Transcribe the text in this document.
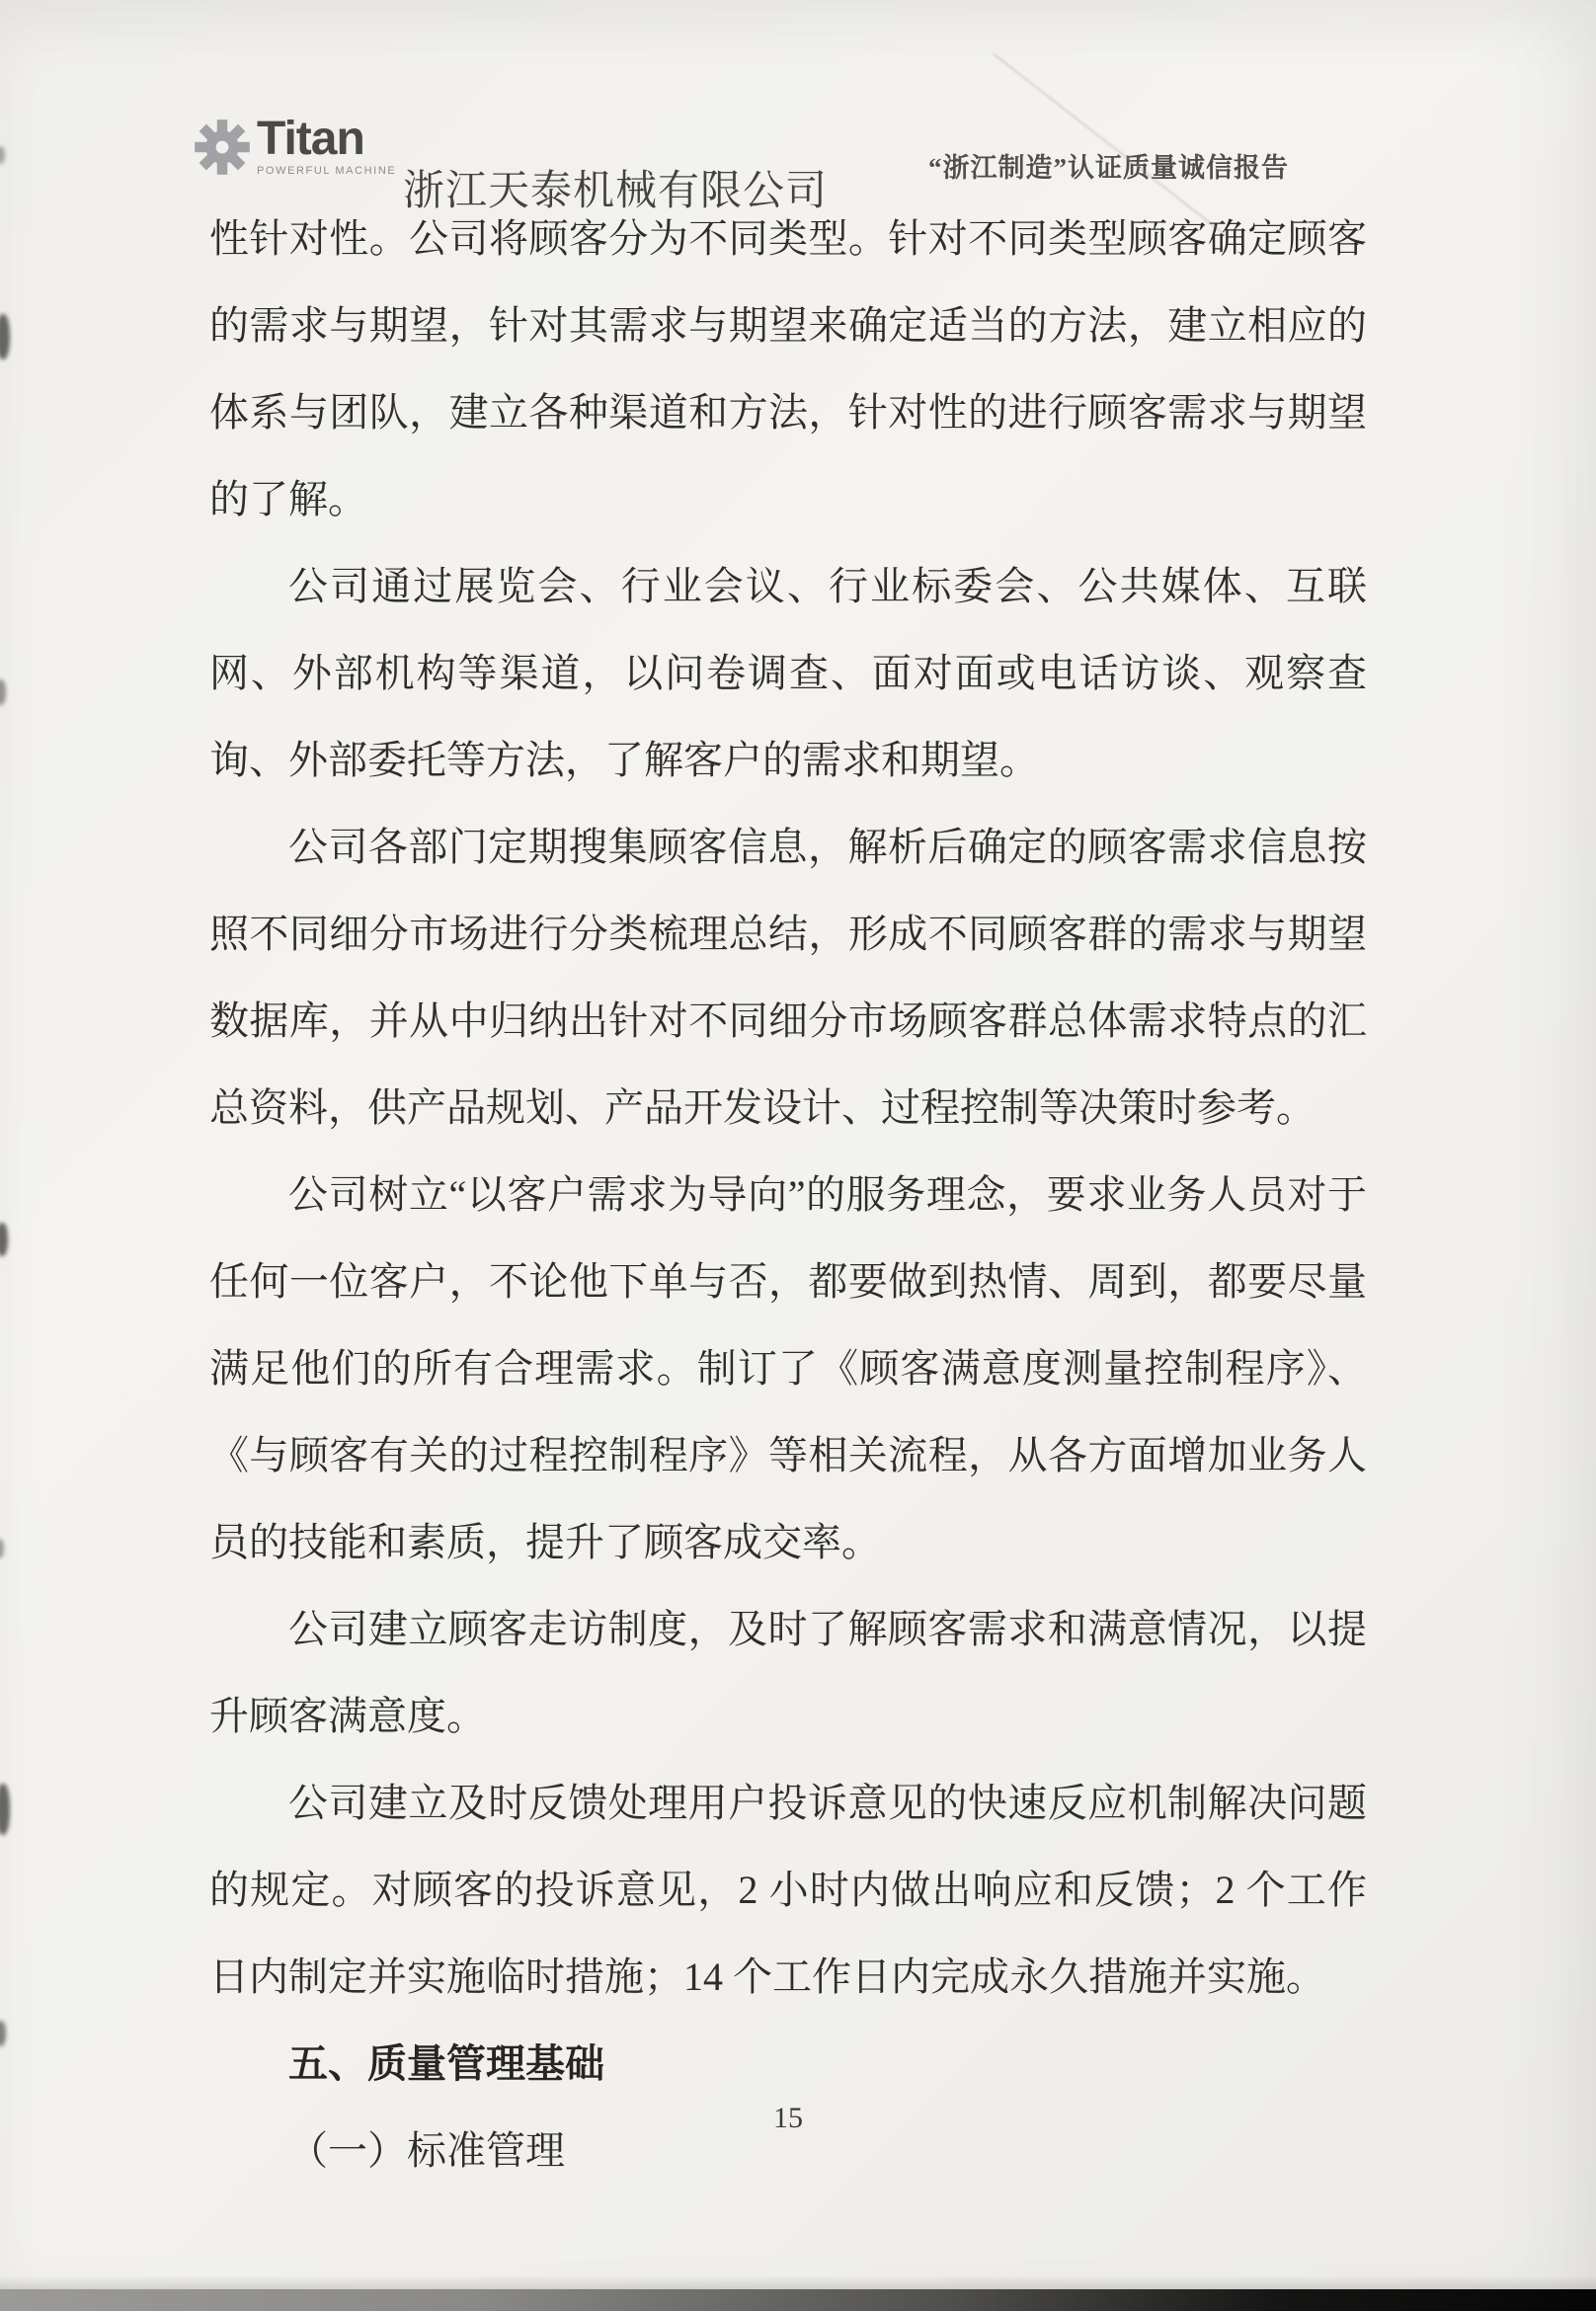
Titan
POWERFUL MACHINE 浙江天泰机械有限公司
“浙江制造”认证质量诚信报告

性针对性。公司将顾客分为不同类型。针对不同类型顾客确定顾客的需求与期望，针对其需求与期望来确定适当的方法，建立相应的体系与团队，建立各种渠道和方法，针对性的进行顾客需求与期望的了解。

公司通过展览会、行业会议、行业标委会、公共媒体、互联网、外部机构等渠道，以问卷调查、面对面或电话访谈、观察查询、外部委托等方法，了解客户的需求和期望。

公司各部门定期搜集顾客信息，解析后确定的顾客需求信息按照不同细分市场进行分类梳理总结，形成不同顾客群的需求与期望数据库，并从中归纳出针对不同细分市场顾客群总体需求特点的汇总资料，供产品规划、产品开发设计、过程控制等决策时参考。

公司树立“以客户需求为导向”的服务理念，要求业务人员对于任何一位客户，不论他下单与否，都要做到热情、周到，都要尽量满足他们的所有合理需求。制订了《顾客满意度测量控制程序》、《与顾客有关的过程控制程序》等相关流程，从各方面增加业务人员的技能和素质，提升了顾客成交率。

公司建立顾客走访制度，及时了解顾客需求和满意情况，以提升顾客满意度。

公司建立及时反馈处理用户投诉意见的快速反应机制解决问题的规定。对顾客的投诉意见，2 小时内做出响应和反馈；2 个工作日内制定并实施临时措施；14 个工作日内完成永久措施并实施。

五、质量管理基础

（一）标准管理

15
